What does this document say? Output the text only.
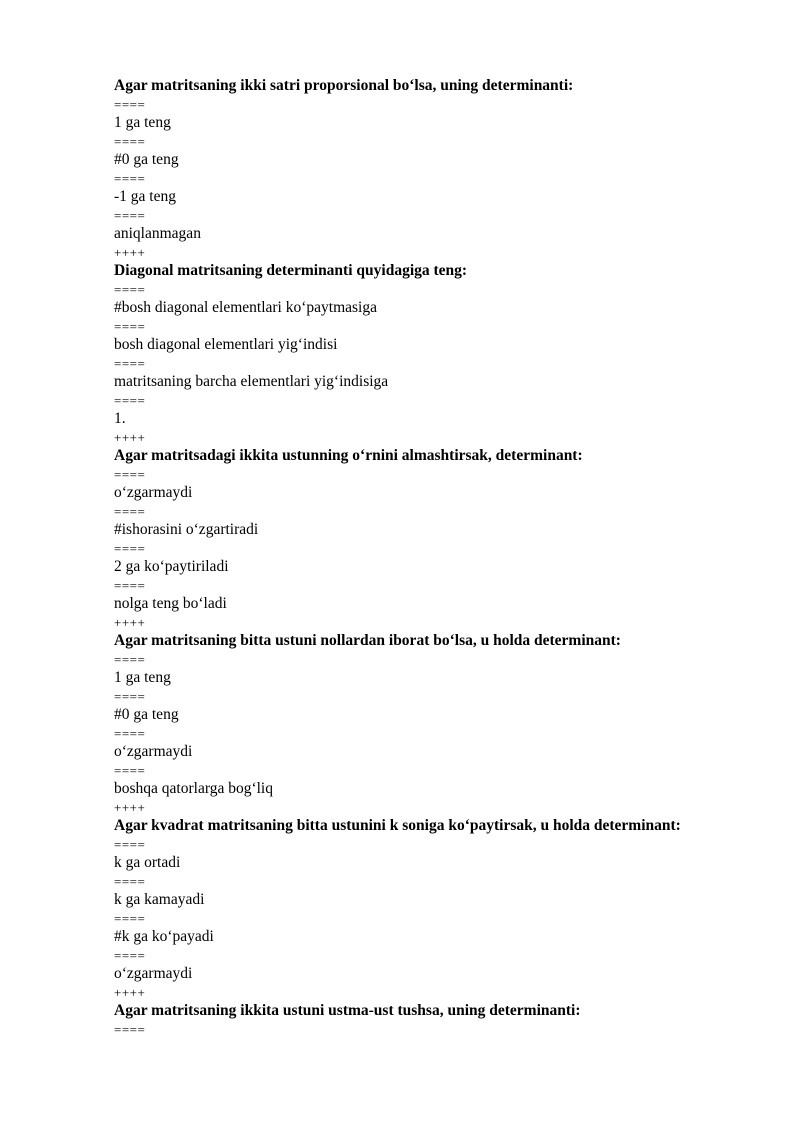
Agar matritsaning ikki satri proporsional bo‘lsa, uning determinanti:
====
1 ga teng
====
#0 ga teng
====
-1 ga teng
====
aniqlanmagan
++++
Diagonal matritsaning determinanti quyidagiga teng:
====
#bosh diagonal elementlari ko‘paytmasiga
====
bosh diagonal elementlari yig‘indisi
====
matritsaning barcha elementlari yig‘indisiga
====
1.
++++
Agar matritsadagi ikkita ustunning o‘rnini almashtirsak, determinant:
====
o‘zgarmaydi
====
#ishorasini o‘zgartiradi
====
2 ga ko‘paytiriladi
====
nolga teng bo‘ladi
++++
Agar matritsaning bitta ustuni nollardan iborat bo‘lsa, u holda determinant:
====
1 ga teng
====
#0 ga teng
====
o‘zgarmaydi
====
boshqa qatorlarga bog‘liq
++++
Agar kvadrat matritsaning bitta ustunini k soniga ko‘paytirsak, u holda determinant:
====
k ga ortadi
====
k ga kamayadi
====
#k ga ko‘payadi
====
o‘zgarmaydi
++++
Agar matritsaning ikkita ustuni ustma-ust tushsa, uning determinanti:
====
